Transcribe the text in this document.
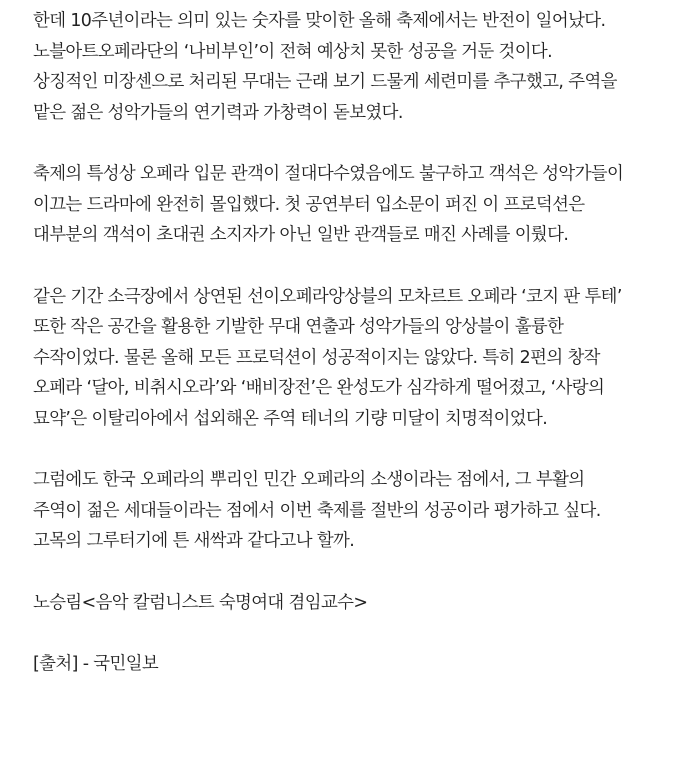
한데 10주년이라는 의미 있는 숫자를 맞이한 올해 축제에서는 반전이 일어났다.
노블아트오페라단의 ‘나비부인’이 전혀 예상치 못한 성공을 거둔 것이다.
상징적인 미장센으로 처리된 무대는 근래 보기 드물게 세련미를 추구했고, 주역을
맡은 젊은 성악가들의 연기력과 가창력이 돋보였다.
축제의 특성상 오페라 입문 관객이 절대다수였음에도 불구하고 객석은 성악가들이
이끄는 드라마에 완전히 몰입했다. 첫 공연부터 입소문이 퍼진 이 프로덕션은
대부분의 객석이 초대권 소지자가 아닌 일반 관객들로 매진 사례를 이뤘다.
같은 기간 소극장에서 상연된 선이오페라앙상블의 모차르트 오페라 ‘코지 판 투테’
또한 작은 공간을 활용한 기발한 무대 연출과 성악가들의 앙상블이 훌륭한
수작이었다. 물론 올해 모든 프로덕션이 성공적이지는 않았다. 특히 2편의 창작
오페라 ‘달아, 비취시오라’와 ‘배비장전’은 완성도가 심각하게 떨어졌고, ‘사랑의
묘약’은 이탈리아에서 섭외해온 주역 테너의 기량 미달이 치명적이었다.
그럼에도 한국 오페라의 뿌리인 민간 오페라의 소생이라는 점에서, 그 부활의
주역이 젊은 세대들이라는 점에서 이번 축제를 절반의 성공이라 평가하고 싶다.
고목의 그루터기에 튼 새싹과 같다고나 할까.
노승림<음악 칼럼니스트 숙명여대 겸임교수>
[출처] - 국민일보
